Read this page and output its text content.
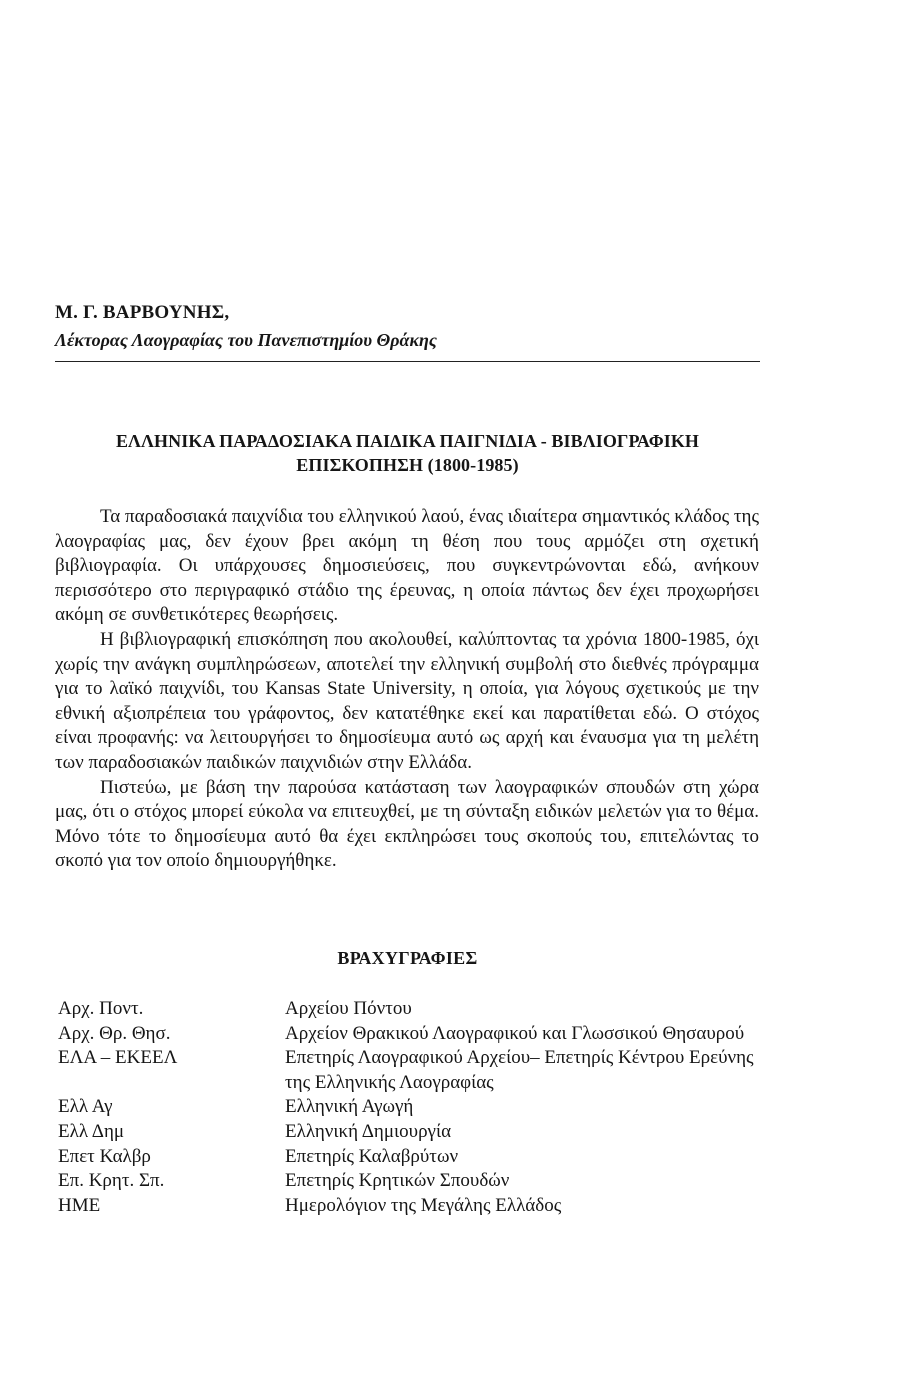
Μ. Γ. ΒΑΡΒΟΥΝΗΣ,
Λέκτορας Λαογραφίας του Πανεπιστημίου Θράκης
ΕΛΛΗΝΙΚΑ ΠΑΡΑΔΟΣΙΑΚΑ ΠΑΙΔΙΚΑ ΠΑΙΓΝΙΔΙΑ - ΒΙΒΛΙΟΓΡΑΦΙΚΗ
ΕΠΙΣΚΟΠΗΣΗ (1800-1985)

Τα παραδοσιακά παιχνίδια του ελληνικού λαού, ένας ιδιαίτερα σημαντικός κλάδος της λαογραφίας μας, δεν έχουν βρει ακόμη τη θέση που τους αρμόζει στη σχετική βιβλιογραφία. Οι υπάρχουσες δημοσιεύσεις, που συγκεντρώνονται εδώ, ανήκουν περισσότερο στο περιγραφικό στάδιο της έρευνας, η οποία πάντως δεν έχει προχωρήσει ακόμη σε συνθετικότερες θεωρήσεις.

Η βιβλιογραφική επισκόπηση που ακολουθεί, καλύπτοντας τα χρόνια 1800-1985, όχι χωρίς την ανάγκη συμπληρώσεων, αποτελεί την ελληνική συμβολή στο διεθνές πρόγραμμα για το λαϊκό παιχνίδι, του Kansas State University, η οποία, για λόγους σχετικούς με την εθνική αξιοπρέπεια του γράφοντος, δεν κατατέθηκε εκεί και παρατίθεται εδώ. Ο στόχος είναι προφανής: να λειτουργήσει το δημοσίευμα αυτό ως αρχή και έναυσμα για τη μελέτη των παραδοσιακών παιδικών παιχνιδιών στην Ελλάδα.

Πιστεύω, με βάση την παρούσα κατάσταση των λαογραφικών σπουδών στη χώρα μας, ότι ο στόχος μπορεί εύκολα να επιτευχθεί, με τη σύνταξη ειδικών μελετών για το θέμα. Μόνο τότε το δημοσίευμα αυτό θα έχει εκπληρώσει τους σκοπούς του, επιτελώντας το σκοπό για τον οποίο δημιουργήθηκε.

ΒΡΑΧΥΓΡΑΦΙΕΣ
Αρχ. Ποντ.	Αρχείου Πόντου
Αρχ. Θρ. Θησ.	Αρχείον Θρακικού Λαογραφικού και Γλωσσικού Θησαυρού
ΕΛΑ – ΕΚΕΕΛ	Επετηρίς Λαογραφικού Αρχείου– Επετηρίς Κέντρου Ερεύνης της Ελληνικής Λαογραφίας
Ελλ Αγ	Ελληνική Αγωγή
Ελλ Δημ	Ελληνική Δημιουργία
Επετ Καλβρ	Επετηρίς Καλαβρύτων
Επ. Κρητ. Σπ.	Επετηρίς Κρητικών Σπουδών
ΗΜΕ	Ημερολόγιον της Μεγάλης Ελλάδος
